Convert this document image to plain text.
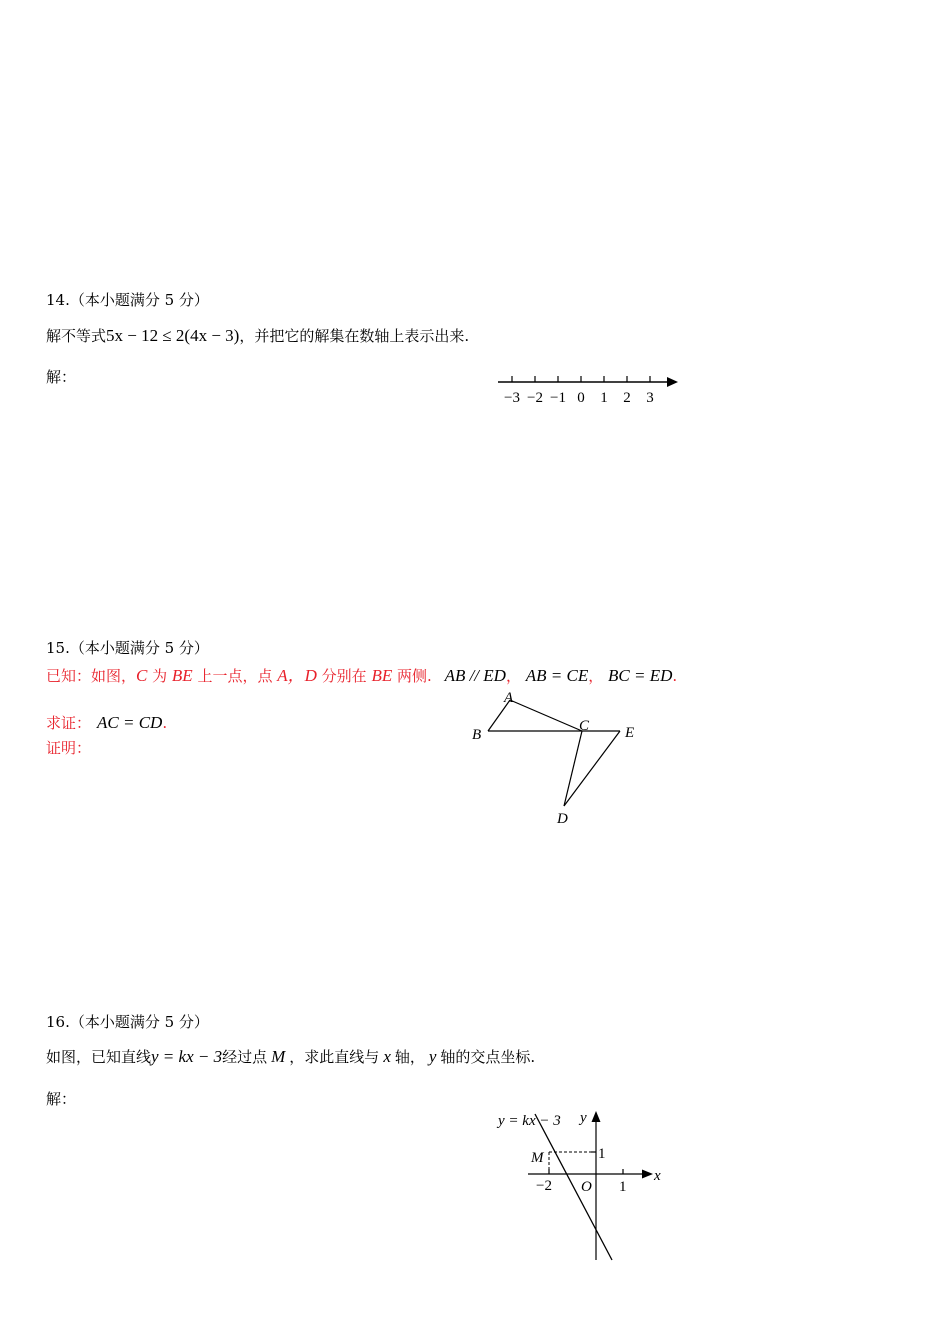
14.（本小题满分 5 分）
解不等式5x − 12 ≤ 2(4x − 3)，并把它的解集在数轴上表示出来.
解：
−3 −2 −1 0 1 2 3
15.（本小题满分 5 分）
已知：如图，C 为 BE 上一点，点 A，D 分别在 BE 两侧. AB // ED， AB = CE， BC = ED.
求证： AC = CD.
证明：
A
B
C E
D
16.（本小题满分 5 分）
如图，已知直线y = kx − 3经过点 M ，求此直线与 x 轴， y 轴的交点坐标.
解：
y = kx − 3 y
x
O
M
−2
1
1
